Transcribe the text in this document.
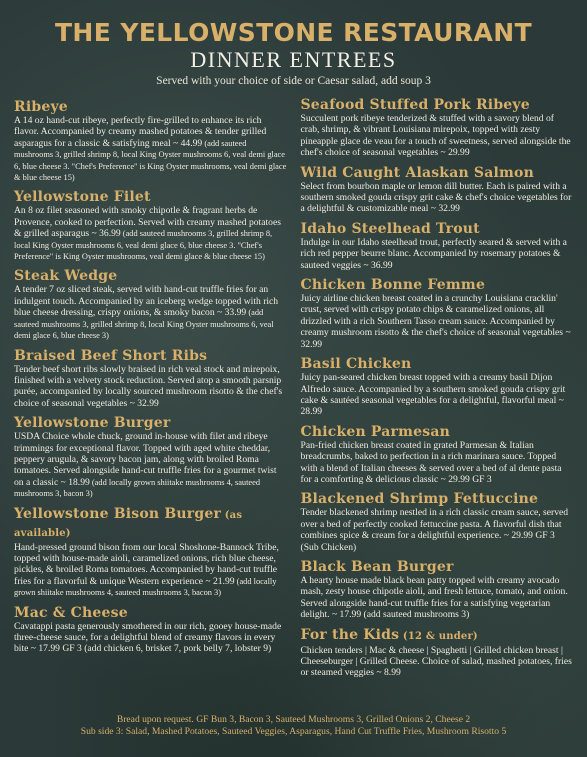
THE YELLOWSTONE RESTAURANT
DINNER ENTREES
Served with your choice of side or Caesar salad, add soup 3
Ribeye

A 14 oz hand-cut ribeye, perfectly fire-grilled to enhance its rich flavor. Accompanied by creamy mashed potatoes & tender grilled asparagus for a classic & satisfying meal ~ 44.99 (add sauteed mushrooms 3, grilled shrimp 8, local King Oyster mushrooms 6, veal demi glace 6, blue cheese 3. "Chef's Preference" is King Oyster mushrooms, veal demi glace & blue cheese 15)

Yellowstone Filet

An 8 oz filet seasoned with smoky chipotle & fragrant herbs de Provence, cooked to perfection. Served with creamy mashed potatoes & grilled asparagus ~ 36.99 (add sauteed mushrooms 3, grilled shrimp 8, local King Oyster mushrooms 6, veal demi glace 6, blue cheese 3. "Chef's Preference" is King Oyster mushrooms, veal demi glace & blue cheese 15)

Steak Wedge

A tender 7 oz sliced steak, served with hand-cut truffle fries for an indulgent touch. Accompanied by an iceberg wedge topped with rich blue cheese dressing, crispy onions, & smoky bacon ~ 33.99 (add sauteed mushrooms 3, grilled shrimp 8, local King Oyster mushrooms 6, veal demi glace 6, blue cheese 3)

Braised Beef Short Ribs

Tender beef short ribs slowly braised in rich veal stock and mirepoix, finished with a velvety stock reduction. Served atop a smooth parsnip purée, accompanied by locally sourced mushroom risotto & the chef's choice of seasonal vegetables ~ 32.99

Yellowstone Burger

USDA Choice whole chuck, ground in-house with filet and ribeye trimmings for exceptional flavor. Topped with aged white cheddar, peppery arugula, & savory bacon jam, along with broiled Roma tomatoes. Served alongside hand-cut truffle fries for a gourmet twist on a classic ~ 18.99 (add locally grown shiitake mushrooms 4, sauteed mushrooms 3, bacon 3)

Yellowstone Bison Burger (as available)

Hand-pressed ground bison from our local Shoshone-Bannock Tribe, topped with house-made aioli, caramelized onions, rich blue cheese, pickles, & broiled Roma tomatoes. Accompanied by hand-cut truffle fries for a flavorful & unique Western experience ~ 21.99 (add locally grown shiitake mushrooms 4, sauteed mushrooms 3, bacon 3)

Mac & Cheese

Cavatappi pasta generously smothered in our rich, gooey house-made three-cheese sauce, for a delightful blend of creamy flavors in every bite ~ 17.99 GF 3 (add chicken 6, brisket 7, pork belly 7, lobster 9)

Seafood Stuffed Pork Ribeye

Succulent pork ribeye tenderized & stuffed with a savory blend of crab, shrimp, & vibrant Louisiana mirepoix, topped with zesty pineapple glace de veau for a touch of sweetness, served alongside the chef's choice of seasonal vegetables ~ 29.99

Wild Caught Alaskan Salmon

Select from bourbon maple or lemon dill butter. Each is paired with a southern smoked gouda crispy grit cake & chef's choice vegetables for a delightful & customizable meal ~ 32.99

Idaho Steelhead Trout

Indulge in our Idaho steelhead trout, perfectly seared & served with a rich red pepper beurre blanc. Accompanied by rosemary potatoes & sauteed veggies ~ 36.99

Chicken Bonne Femme

Juicy airline chicken breast coated in a crunchy Louisiana cracklin' crust, served with crispy potato chips & caramelized onions, all drizzled with a rich Southern Tasso cream sauce. Accompanied by creamy mushroom risotto & the chef's choice of seasonal vegetables ~ 32.99

Basil Chicken

Juicy pan-seared chicken breast topped with a creamy basil Dijon Alfredo sauce. Accompanied by a southern smoked gouda crispy grit cake & sautéed seasonal vegetables for a delightful, flavorful meal ~ 28.99

Chicken Parmesan

Pan-fried chicken breast coated in grated Parmesan & Italian breadcrumbs, baked to perfection in a rich marinara sauce. Topped with a blend of Italian cheeses & served over a bed of al dente pasta for a comforting & delicious classic ~ 29.99 GF 3

Blackened Shrimp Fettuccine

Tender blackened shrimp nestled in a rich classic cream sauce, served over a bed of perfectly cooked fettuccine pasta. A flavorful dish that combines spice & cream for a delightful experience. ~ 29.99 GF 3 (Sub Chicken)

Black Bean Burger

A hearty house made black bean patty topped with creamy avocado mash, zesty house chipotle aioli, and fresh lettuce, tomato, and onion. Served alongside hand-cut truffle fries for a satisfying vegetarian delight. ~ 17.99 (add sauteed mushrooms 3)

For the Kids (12 & under)

Chicken tenders | Mac & cheese | Spaghetti | Grilled chicken breast | Cheeseburger | Grilled Cheese. Choice of salad, mashed potatoes, fries or steamed veggies ~ 8.99

Bread upon request. GF Bun 3, Bacon 3, Sauteed Mushrooms 3, Grilled Onions 2, Cheese 2
Sub side 3: Salad, Mashed Potatoes, Sauteed Veggies, Asparagus, Hand Cut Truffle Fries, Mushroom Risotto 5
